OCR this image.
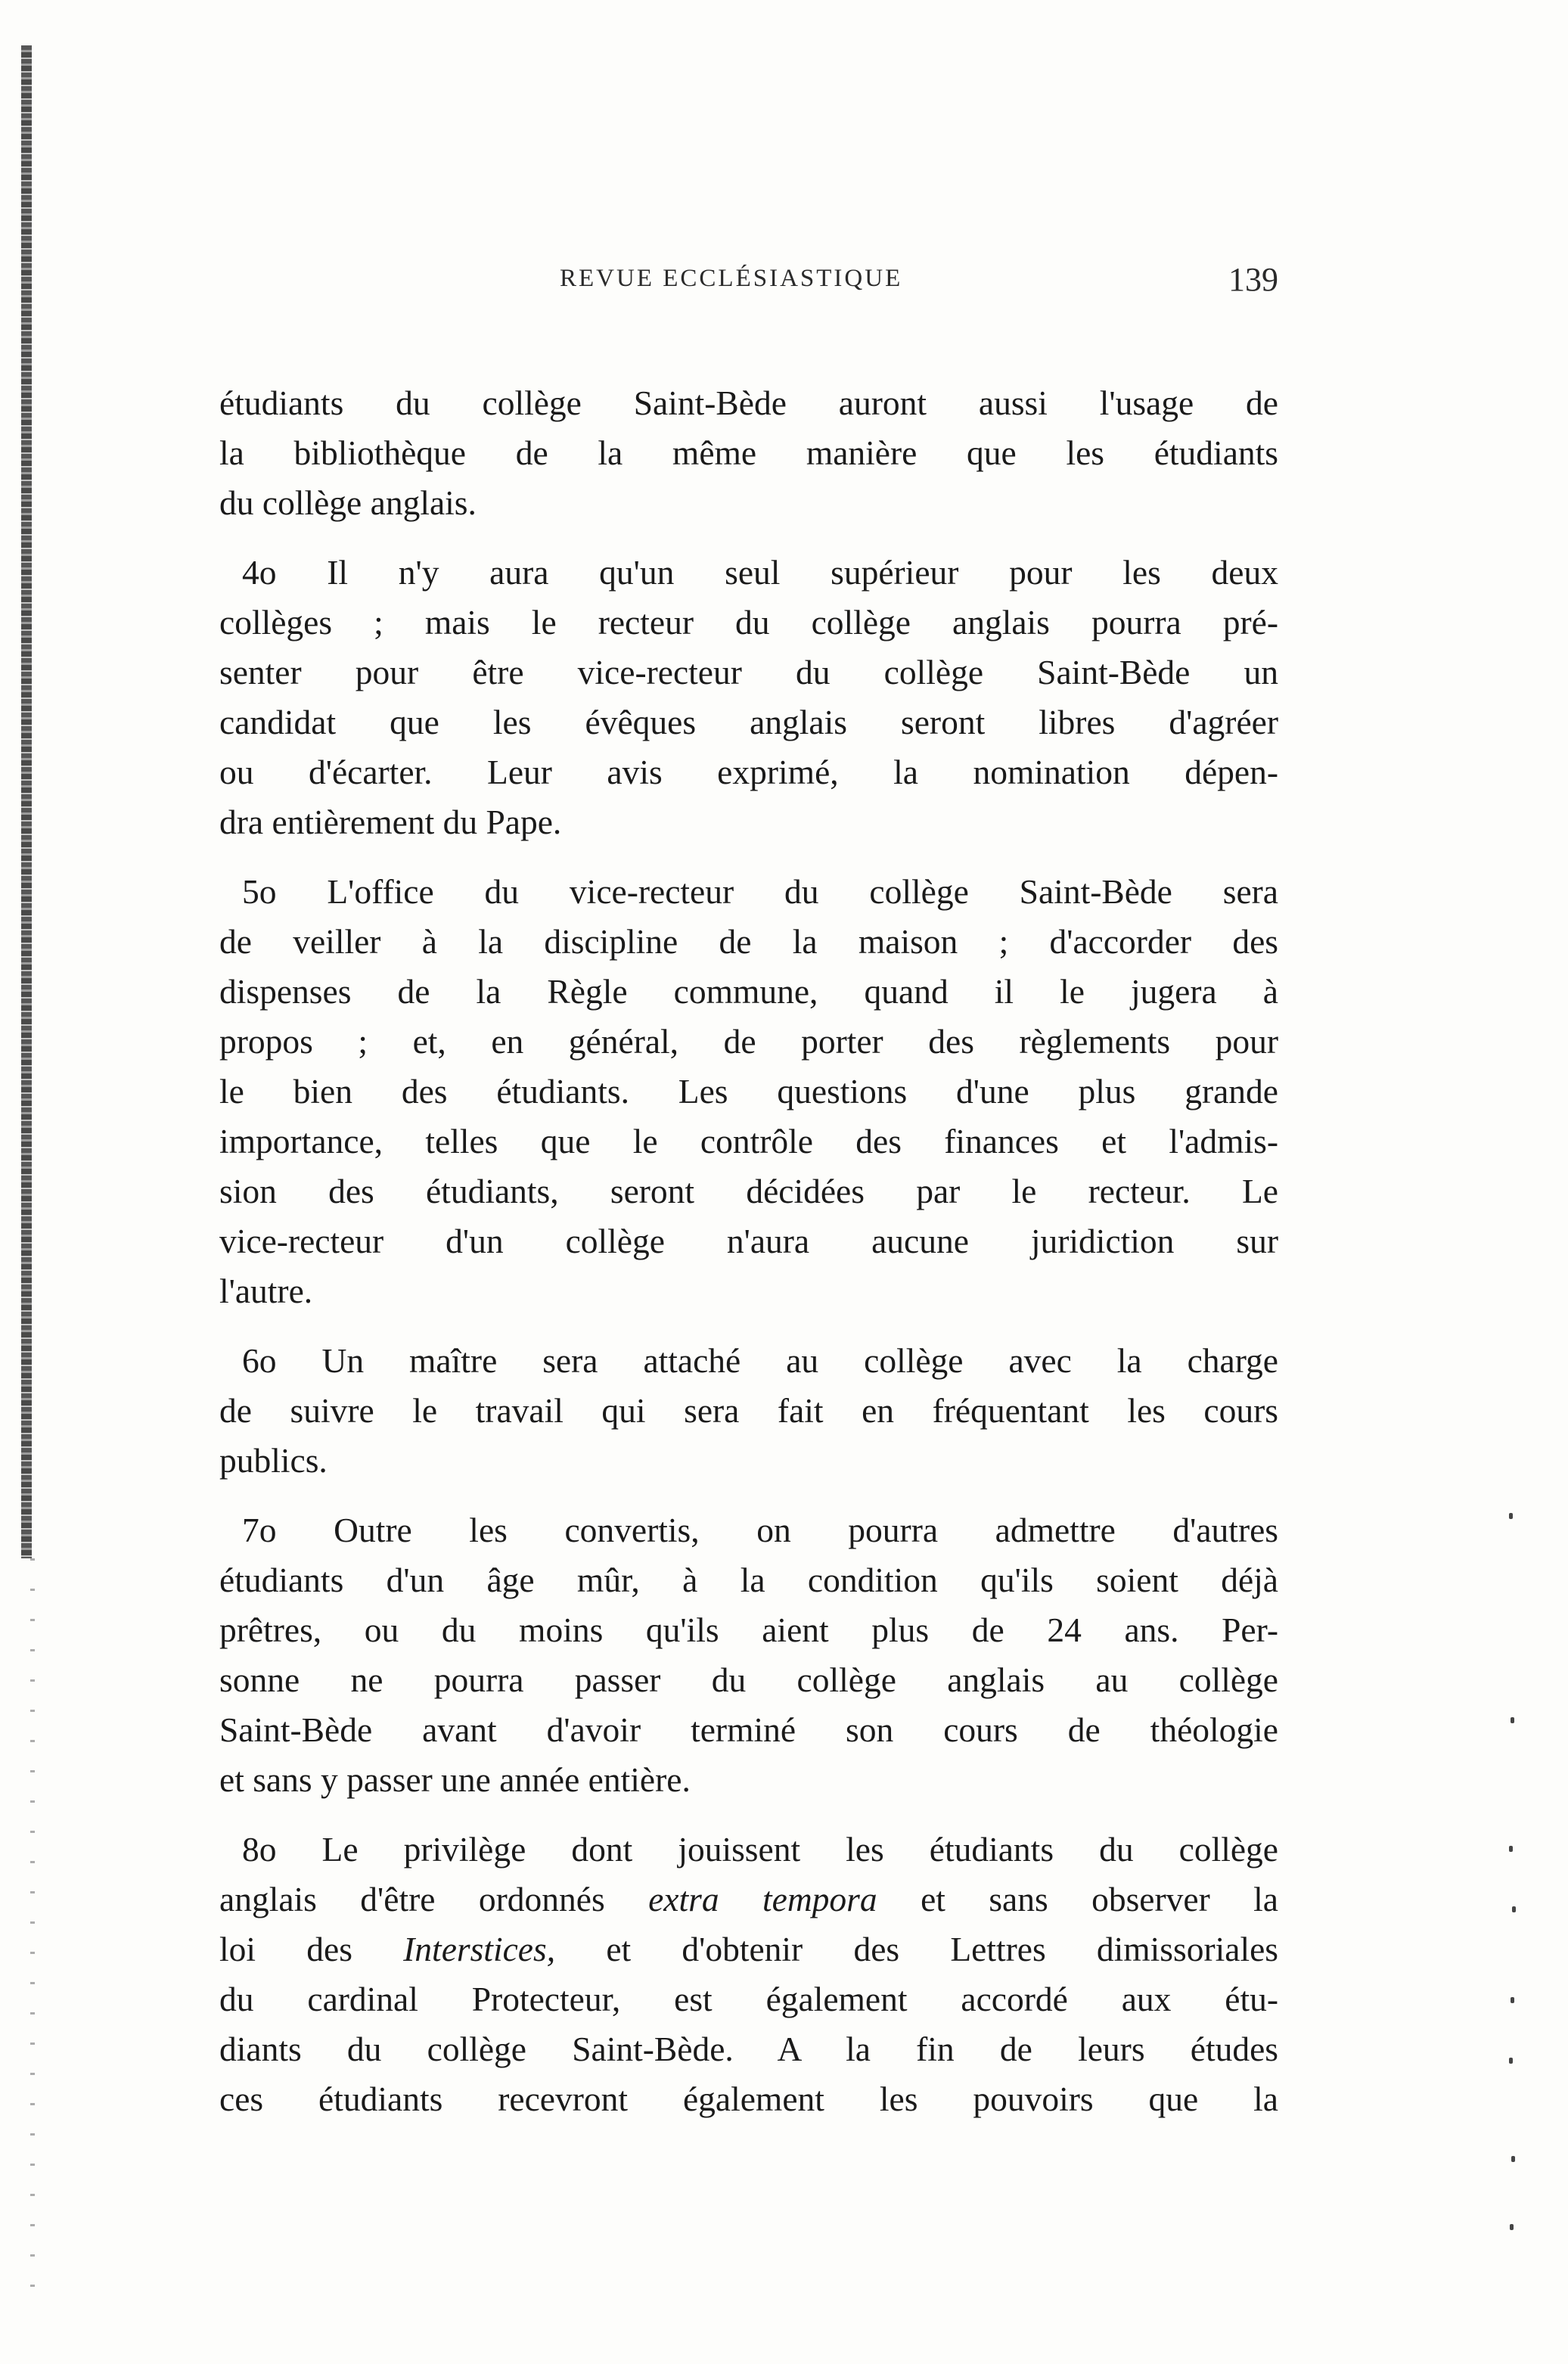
REVUE ECCLÉSIASTIQUE	139

étudiants du collège Saint-Bède auront aussi l'usage de
la bibliothèque de la même manière que les étudiants
du collège anglais.

4o Il n'y aura qu'un seul supérieur pour les deux
collèges ; mais le recteur du collège anglais pourra pré-
senter pour être vice-recteur du collège Saint-Bède un
candidat que les évêques anglais seront libres d'agréer
ou d'écarter. Leur avis exprimé, la nomination dépen-
dra entièrement du Pape.

5o L'office du vice-recteur du collège Saint-Bède sera
de veiller à la discipline de la maison ; d'accorder des
dispenses de la Règle commune, quand il le jugera à
propos ; et, en général, de porter des règlements pour
le bien des étudiants. Les questions d'une plus grande
importance, telles que le contrôle des finances et l'admis-
sion des étudiants, seront décidées par le recteur. Le
vice-recteur d'un collège n'aura aucune juridiction sur
l'autre.

6o Un maître sera attaché au collège avec la charge
de suivre le travail qui sera fait en fréquentant les cours
publics.

7o Outre les convertis, on pourra admettre d'autres
étudiants d'un âge mûr, à la condition qu'ils soient déjà
prêtres, ou du moins qu'ils aient plus de 24 ans. Per-
sonne ne pourra passer du collège anglais au collège
Saint-Bède avant d'avoir terminé son cours de théologie
et sans y passer une année entière.

8o Le privilège dont jouissent les étudiants du collège
anglais d'être ordonnés extra tempora et sans observer la
loi des Interstices, et d'obtenir des Lettres dimissoriales
du cardinal Protecteur, est également accordé aux étu-
diants du collège Saint-Bède. A la fin de leurs études
ces étudiants recevront également les pouvoirs que la
